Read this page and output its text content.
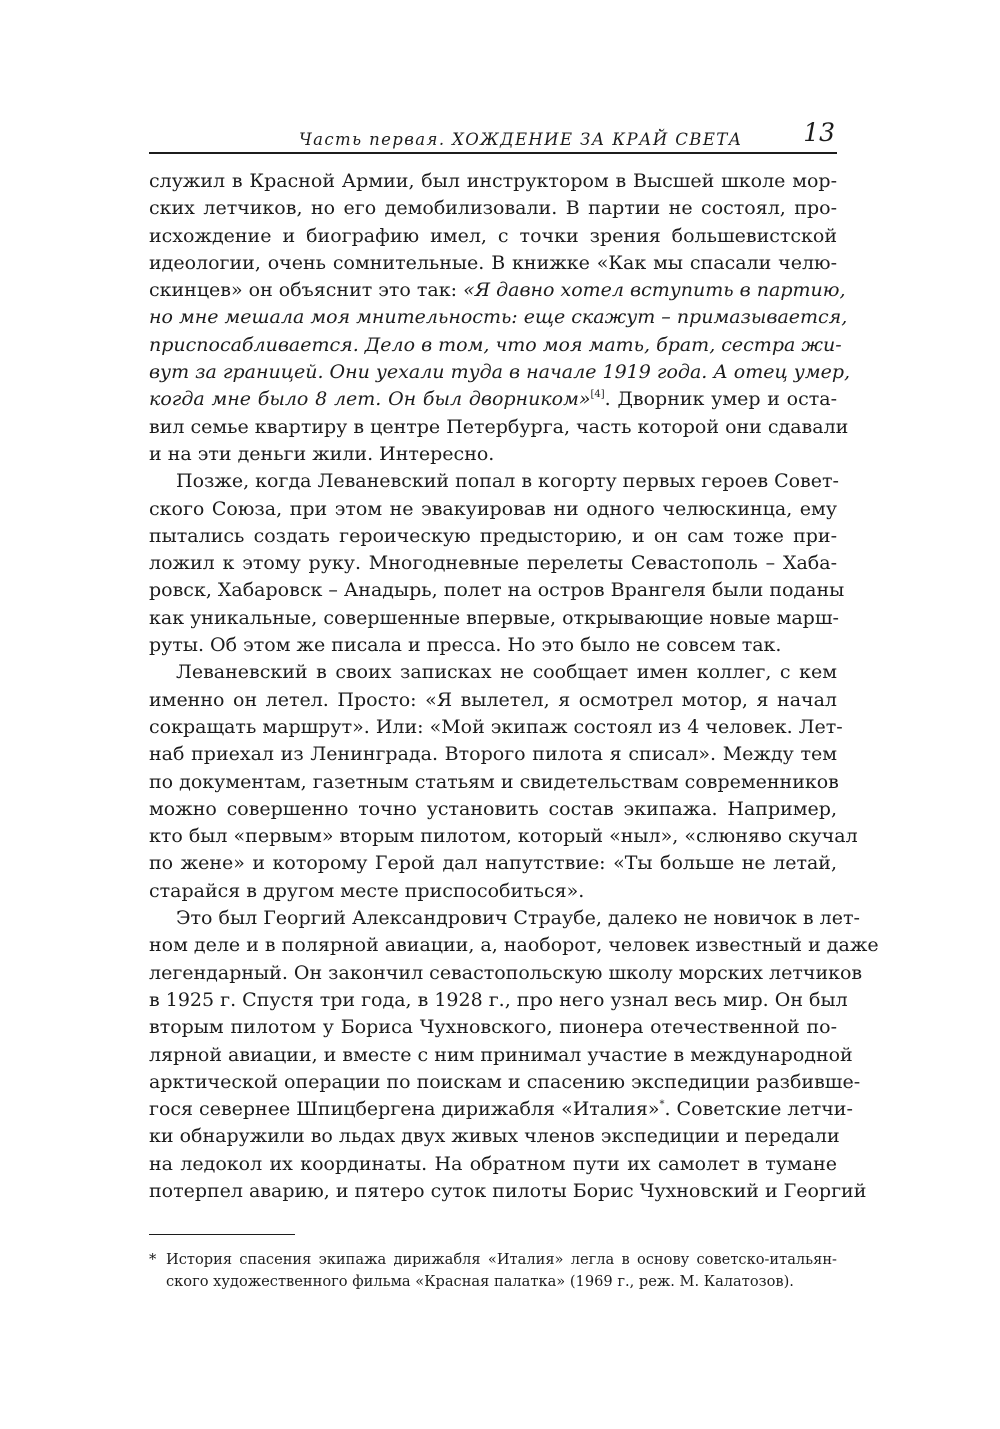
Часть первая. ХОЖДЕНИЕ ЗА КРАЙ СВЕТА 13
служил в Красной Армии, был инструктором в Высшей школе мор-
ских летчиков, но его демобилизовали. В партии не состоял, про-
исхождение и биографию имел, с точки зрения большевистской
идеологии, очень сомнительные. В книжке «Как мы спасали челю-
скинцев» он объяснит это так: «Я давно хотел вступить в партию,
но мне мешала моя мнительность: еще скажут – примазывается,
приспосабливается. Дело в том, что моя мать, брат, сестра жи-
вут за границей. Они уехали туда в начале 1919 года. А отец умер,
когда мне было 8 лет. Он был дворником»[4]. Дворник умер и оста-
вил семье квартиру в центре Петербурга, часть которой они сдавали
и на эти деньги жили. Интересно.
Позже, когда Леваневский попал в когорту первых героев Совет-
ского Союза, при этом не эвакуировав ни одного челюскинца, ему
пытались создать героическую предысторию, и он сам тоже при-
ложил к этому руку. Многодневные перелеты Севастополь – Хаба-
ровск, Хабаровск – Анадырь, полет на остров Врангеля были поданы
как уникальные, совершенные впервые, открывающие новые марш-
руты. Об этом же писала и пресса. Но это было не совсем так.
Леваневский в своих записках не сообщает имен коллег, с кем
именно он летел. Просто: «Я вылетел, я осмотрел мотор, я начал
сокращать маршрут». Или: «Мой экипаж состоял из 4 человек. Лет-
наб приехал из Ленинграда. Второго пилота я списал». Между тем
по документам, газетным статьям и свидетельствам современников
можно совершенно точно установить состав экипажа. Например,
кто был «первым» вторым пилотом, который «ныл», «слюняво скучал
по жене» и которому Герой дал напутствие: «Ты больше не летай,
старайся в другом месте приспособиться».
Это был Георгий Александрович Страубе, далеко не новичок в лет-
ном деле и в полярной авиации, а, наоборот, человек известный и даже
легендарный. Он закончил севастопольскую школу морских летчиков
в 1925 г. Спустя три года, в 1928 г., про него узнал весь мир. Он был
вторым пилотом у Бориса Чухновского, пионера отечественной по-
лярной авиации, и вместе с ним принимал участие в международной
арктической операции по поискам и спасению экспедиции разбивше-
гося севернее Шпицбергена дирижабля «Италия»*. Советские летчи-
ки обнаружили во льдах двух живых членов экспедиции и передали
на ледокол их координаты. На обратном пути их самолет в тумане
потерпел аварию, и пятеро суток пилоты Борис Чухновский и Георгий
* История спасения экипажа дирижабля «Италия» легла в основу советско-итальян-
ского художественного фильма «Красная палатка» (1969 г., реж. М. Калатозов).
